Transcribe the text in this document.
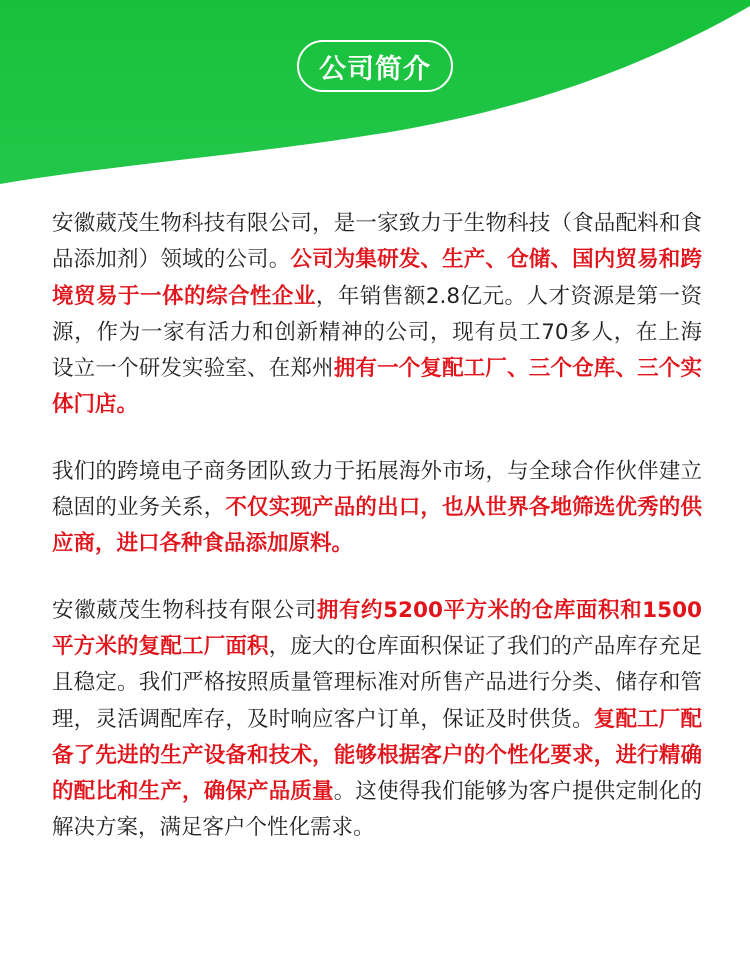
公司简介

安徽葳茂生物科技有限公司，是一家致力于生物科技（食品配料和食品添加剂）领域的公司。公司为集研发、生产、仓储、国内贸易和跨境贸易于一体的综合性企业，年销售额2.8亿元。人才资源是第一资源，作为一家有活力和创新精神的公司，现有员工70多人，在上海设立一个研发实验室、在郑州拥有一个复配工厂、三个仓库、三个实体门店。

我们的跨境电子商务团队致力于拓展海外市场，与全球合作伙伴建立稳固的业务关系，不仅实现产品的出口，也从世界各地筛选优秀的供应商，进口各种食品添加原料。

安徽葳茂生物科技有限公司拥有约5200平方米的仓库面积和1500平方米的复配工厂面积，庞大的仓库面积保证了我们的产品库存充足且稳定。我们严格按照质量管理标准对所售产品进行分类、储存和管理，灵活调配库存，及时响应客户订单，保证及时供货。复配工厂配备了先进的生产设备和技术，能够根据客户的个性化要求，进行精确的配比和生产，确保产品质量。这使得我们能够为客户提供定制化的解决方案，满足客户个性化需求。
